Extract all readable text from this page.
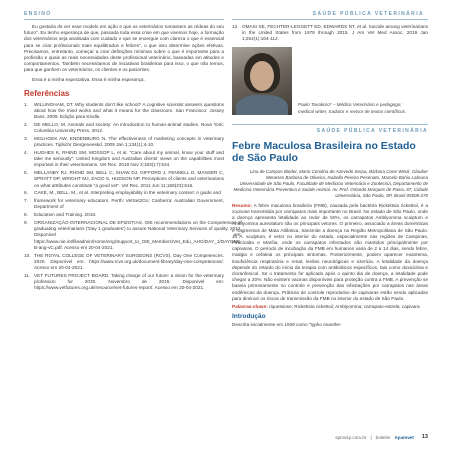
ENSINO	SAÚDE PÚBLICA VETERINÁRIA

Eu gostaria de ver esse modelo em ação e que os veterinários tomassem as rédeas do seu futuro". Eu tenho esperança de que, passada toda essa crise em que vivemos hoje, a formação dos veterinários seja analisada com cuidado e que se enxergue com clareza o que é essencial para se criar profissionais mais equilibrados e felizes", o que isso determine ações efetivas. Precisamos, entretanto, começar a criar definições mínimas sobre o que é importante para a profissão e quais as reais necessidades deste profissional veterinário, baseadas em atitudes e comportamentos. Também necessitamos de iniciativas brasileiras para isso, o que não temos, para que ganhem os veterinários, os clientes e os pacientes.

Essa é a minha expectativa. Essa é minha esperança.

Referências
1.	WILLINGHAM, DT. Why students don't like school? A cognitive scientist answers questions about how the mind works and what it means for the classroom. San Francisco: Jossey Bass, 2009. Edição para Kindle.
2.	DE MELLO, M. Animals and society: An introduction to human-animal studies. Nova York: Columbia University Press, 2012.
3.	MOLHOEK AW, ENDENBURG N. The effectiveness of marketing concepts in veterinary practices. Tijdschr Diergeneeskd. 2009 Jan 1;134(1):4-10.
4.	HUGHES K, RHIND SM, MOSSOP L, et al. "Care about my animal, know your stuff and take me seriously": United Kingdom and Australian clients' views on the capabilities most important in their veterinarians. Vet Rec. 2018 Nov 3;183(17):534.
5.	MELLANBY RJ, RHIND SM, BELL C, SHAW DJ, GIFFORD J, FENNELL D, MANSER C, SPRATT DP, WRIGHT MJ, ZAGO S, HUDSON NP. Perceptions of clients and veterinarians on what attributes constitute "a good vet". Vet Rec. 2011 Jun 11;168(23):616.
6.	CAKE, M., BELL, M., et al. Interpreting employability in the veterinary context: A guide and
7.	framework for veterinary educators. Perth: VetSet2Go; Canberra: Australian Government, Department of
8.	Education and Training. 2018.
9.	ORGANIZAÇÃO INTERNACIONAL DE EPIZOTIAS. OIE recommendations on the Competences of graduating veterinarians ('Day 1 graduates') to assure National Veterinary Services of quality. 2012. Disponível em: https://www.oie.int/fileadmin/Home/eng/Support_to_OIE_Members/Vet_Edu_AHG/DAY_1/DAYONE-B-ang-vC.pdf. Acesso em 20-04-2021.
10. THE ROYAL COLLEGE OF VETERINARY SURGEONS (RCVS). Day One Competences. 2020. Disponível em: https://www.rcvs.org.uk/document-library/day-one-competences/. Acesso em 20-04-2021.
11. VET FUTURES PROJECT BOARD. Taking charge of our future: a vision for the veterinary profession for 2030. Novembro de 2015. Disponível em: https://www.vetfutures.org.uk/resource/vet-futures-report/. Acesso em 20-04-2021.
12. OMASI SE, FECHTER-LEGGETT ED, EDWARDS NT, et al. Suicide among veterinarians in the United States from 1979 through 2015. J Am Vet Med Assoc. 2019 Jan 1;254(1):104-112.
Paulo Tavakoro* – Médico Veterinário e pedagogo;
medical writer, tradutor e revisor de textos científicos.
SAÚDE PÚBLICA VETERINÁRIA
Febre Maculosa Brasileira no Estado de São Paulo
Lina de Campos Binder, Mario Corolina de Azevedo Serpa, Bárbara Cone Weck, Glauber Meneses Barbosa de Oliveira, Isabella Pereira Pesenato, Marcelo Bahia Labruna
Universidade de São Paulo, Faculdade de Medicina Veterinária e Zootecnia, Departamento de Medicina Veterinária Preventiva e Saúde Animal. Av. Prof. Orlando Marques de Paiva, 87, Cidade Universitária, São Paulo, SP, Brasil 05508-270
Resumo: A febre maculosa brasileira (FMB), causada pela bactéria Rickettsia rickettsii, é a zoonose transmitida por carrapatos mais importante no Brasil. No estado de São Paulo, onde a doença apresenta letalidade ao redor de 50%, os carrapatos Amblyomma sculptum e Amblyomma aureolatum são os principais vetores. O primeiro, associado a áreas domésticas e fragmentos de Mata Atlântica, transmite a doença na Região Metropolitana de São Paulo. Já A. sculptum, é vetor no interior do estado, especialmente nas regiões de Campinas, Piracicaba e Marília, onde os carrapatos infectados são mantidos principalmente por capivaras. O período de incubação da FMB em humanos varia de 2 a 14 dias, sendo febre, mialgia e cefaleia os principais sintomas. Posteriormente, podem aparecer exantema, insuficiência respiratória e renal, lesões neurológicas e icterícia. A letalidade da doença depende do retardo do início da terapia com antibióticos específicos, tais como doxiciclina e cloranfenicol. Se o tratamento for aplicado após o quinto dia de doença, a letalidade pode chegar a 20%. Não existem vacinas disponíveis para proteção contra a FMB. A prevenção se baseia primeiramente no controle e prevenção das infestações por carrapatos nas áreas endêmicas da doença. Práticas de controle reprodutivo de capivaras estão sendo aplicadas para diminuir os riscos de transmissão da FMB no interior do estado de São Paulo.
Palavras-chave: riquetsiose; Rickettsia rickettsii; Amblyomma; carrapato-estrela; capivara
Introdução
Descrita inicialmente em 1929 como "typho exanthe-
spmvsp.com.br | boletim Apamvet 13
